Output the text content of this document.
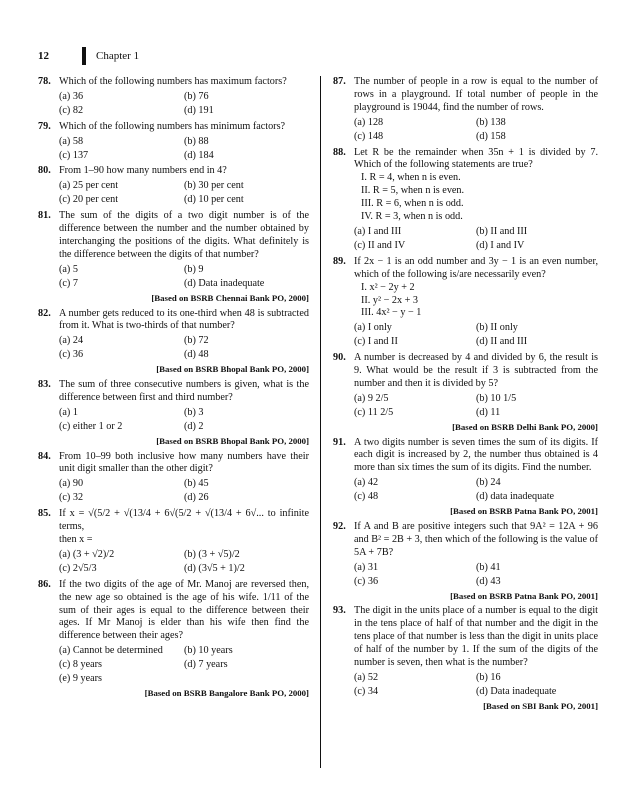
12	Chapter 1
78. Which of the following numbers has maximum factors?
(a) 36	(b) 76
(c) 82	(d) 191
79. Which of the following numbers has minimum factors?
(a) 58	(b) 88
(c) 137	(d) 184
80. From 1–90 how many numbers end in 4?
(a) 25 per cent	(b) 30 per cent
(c) 20 per cent	(d) 10 per cent
81. The sum of the digits of a two digit number is of the difference between the number and the number obtained by interchanging the positions of the digits. What definitely is the difference between the digits of that number?
(a) 5	(b) 9
(c) 7	(d) Data inadequate
[Based on BSRB Chennai Bank PO, 2000]
82. A number gets reduced to its one-third when 48 is subtracted from it. What is two-thirds of that number?
(a) 24	(b) 72
(c) 36	(d) 48
[Based on BSRB Bhopal Bank PO, 2000]
83. The sum of three consecutive numbers is given, what is the difference between first and third number?
(a) 1	(b) 3
(c) either 1 or 2	(d) 2
[Based on BSRB Bhopal Bank PO, 2000]
84. From 10–99 both inclusive how many numbers have their unit digit smaller than the other digit?
(a) 90	(b) 45
(c) 32	(d) 26
85. If x = √(5/2 + √(13/4 + 6√(5/2 + √(13/4 + 6√... to infinite terms,
then x =
(a) (3 + √2)/2	(b) (3 + √5)/2
(c) 2√5/3	(d) (3√5 + 1)/2
86. If the two digits of the age of Mr. Manoj are reversed then, the new age so obtained is the age of his wife. 1/11 of the sum of their ages is equal to the difference between their ages. If Mr Manoj is elder than his wife then find the difference between their ages?
(a) Cannot be determined	(b) 10 years
(c) 8 years	(d) 7 years
(e) 9 years
[Based on BSRB Bangalore Bank PO, 2000]
87. The number of people in a row is equal to the number of rows in a playground. If total number of people in the playground is 19044, find the number of rows.
(a) 128	(b) 138
(c) 148	(d) 158
88. Let R be the remainder when 35n + 1 is divided by 7. Which of the following statements are true?
I. R = 4, when n is even.
II. R = 5, when n is even.
III. R = 6, when n is odd.
IV. R = 3, when n is odd.
(a) I and III	(b) II and III
(c) II and IV	(d) I and IV
89. If 2x − 1 is an odd number and 3y − 1 is an even number, which of the following is/are necessarily even?
I. x² − 2y + 2
II. y² − 2x + 3
III. 4x² − y − 1
(a) I only	(b) II only
(c) I and II	(d) II and III
90. A number is decreased by 4 and divided by 6, the result is 9. What would be the result if 3 is subtracted from the number and then it is divided by 5?
(a) 9 2/5	(b) 10 1/5
(c) 11 2/5	(d) 11
[Based on BSRB Delhi Bank PO, 2000]
91. A two digits number is seven times the sum of its digits. If each digit is increased by 2, the number thus obtained is 4 more than six times the sum of its digits. Find the number.
(a) 42	(b) 24
(c) 48	(d) data inadequate
[Based on BSRB Patna Bank PO, 2001]
92. If A and B are positive integers such that 9A² = 12A + 96 and B² = 2B + 3, then which of the following is the value of 5A + 7B?
(a) 31	(b) 41
(c) 36	(d) 43
[Based on BSRB Patna Bank PO, 2001]
93. The digit in the units place of a number is equal to the digit in the tens place of half of that number and the digit in the tens place of that number is less than the digit in units place of half of the number by 1. If the sum of the digits of the number is seven, then what is the number?
(a) 52	(b) 16
(c) 34	(d) Data inadequate
[Based on SBI Bank PO, 2001]
